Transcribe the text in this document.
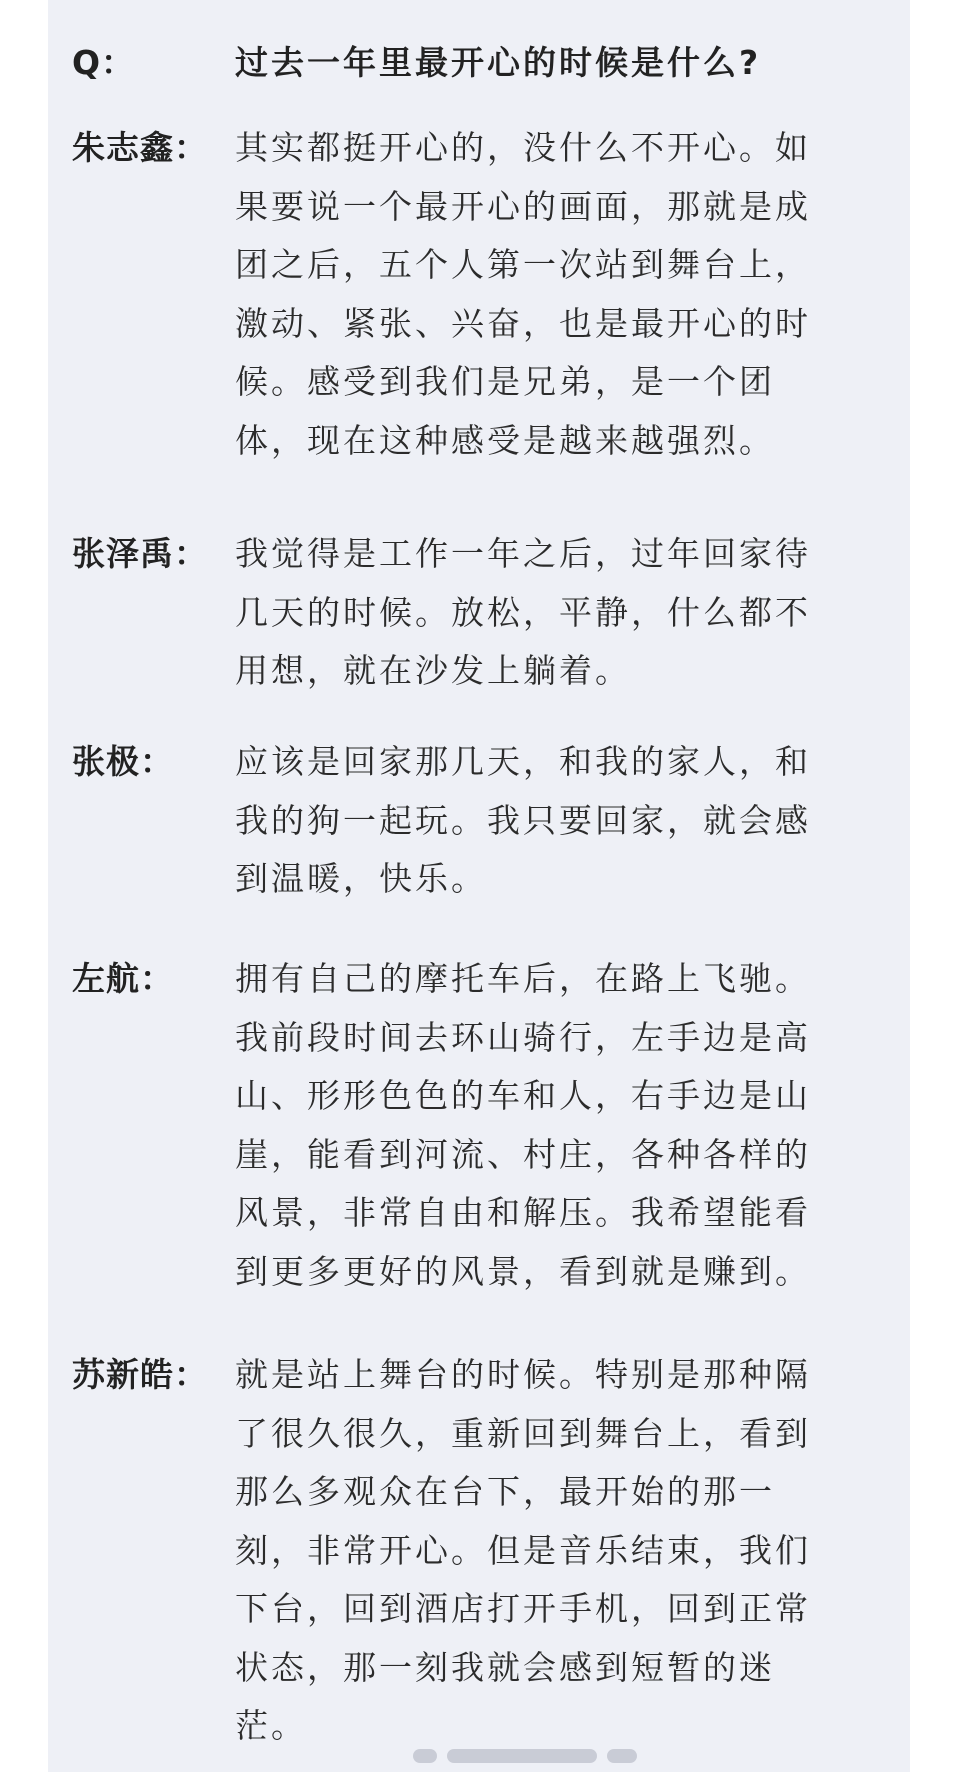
Q：	过去一年里最开心的时候是什么?
朱志鑫： 其实都挺开心的，没什么不开心。如
果要说一个最开心的画面，那就是成
团之后，五个人第一次站到舞台上，
激动、紧张、兴奋，也是最开心的时
候。感受到我们是兄弟，是一个团
体，现在这种感受是越来越强烈。
张泽禹： 我觉得是工作一年之后，过年回家待
几天的时候。放松，平静，什么都不
用想，就在沙发上躺着。
张极： 应该是回家那几天，和我的家人，和
我的狗一起玩。我只要回家，就会感
到温暖，快乐。
左航： 拥有自己的摩托车后，在路上飞驰。
我前段时间去环山骑行，左手边是高
山、形形色色的车和人，右手边是山
崖，能看到河流、村庄，各种各样的
风景，非常自由和解压。我希望能看
到更多更好的风景，看到就是赚到。
苏新皓： 就是站上舞台的时候。特别是那种隔
了很久很久，重新回到舞台上，看到
那么多观众在台下，最开始的那一
刻，非常开心。但是音乐结束，我们
下台，回到酒店打开手机，回到正常
状态，那一刻我就会感到短暂的迷
茫。
